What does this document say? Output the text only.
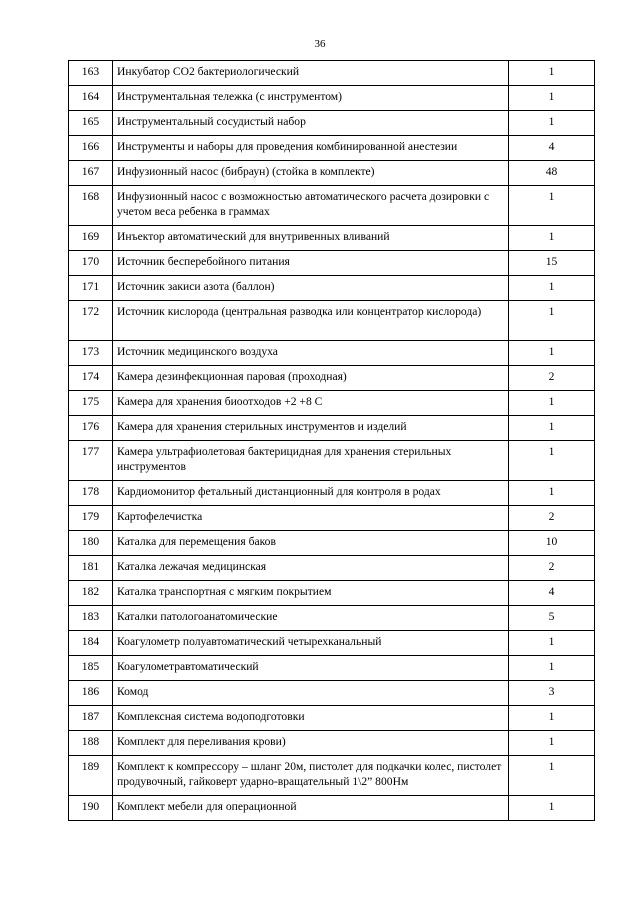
36
163	Инкубатор СО2 бактериологический	1
164	Инструментальная тележка (с инструментом)	1
165	Инструментальный сосудистый набор	1
166	Инструменты и наборы для проведения комбинированной анестезии	4
167	Инфузионный насос (бибраун) (стойка в комплекте)	48
168	Инфузионный насос с возможностью автоматического расчета дозировки с учетом веса ребенка в граммах	1
169	Инъектор автоматический для внутривенных вливаний	1
170	Источник бесперебойного питания	15
171	Источник закиси азота (баллон)	1
172	Источник кислорода (центральная разводка или концентратор кислорода)	1
173	Источник медицинского воздуха	1
174	Камера дезинфекционная паровая (проходная)	2
175	Камера для хранения биоотходов +2 +8 С	1
176	Камера для хранения стерильных инструментов и изделий	1
177	Камера ультрафиолетовая бактерицидная для хранения стерильных инструментов	1
178	Кардиомонитор фетальный дистанционный для контроля в родах	1
179	Картофелечистка	2
180	Каталка для перемещения баков	10
181	Каталка лежачая медицинская	2
182	Каталка транспортная с мягким покрытием	4
183	Каталки патологоанатомические	5
184	Коагулометр полуавтоматический четырехканальный	1
185	Коагулометравтоматический	1
186	Комод	3
187	Комплексная система водоподготовки	1
188	Комплект для переливания крови)	1
189	Комплект к компрессору – шланг 20м, пистолет для подкачки колес, пистолет продувочный, гайковерт ударно-вращательный 1\2” 800Нм	1
190	Комплект мебели для операционной	1
